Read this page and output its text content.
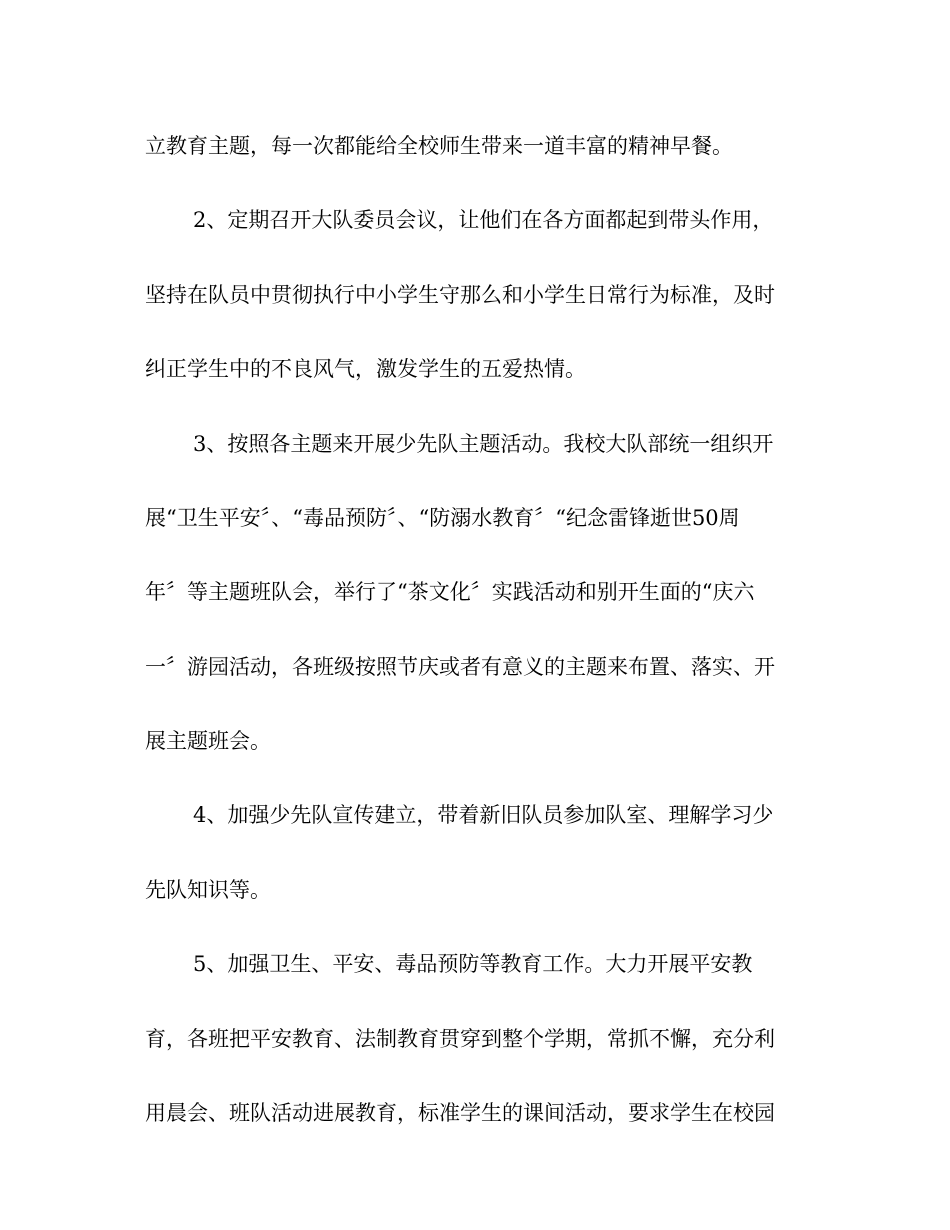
立教育主题，每一次都能给全校师生带来一道丰富的精神早餐。
2、定期召开大队委员会议，让他们在各方面都起到带头作用，
坚持在队员中贯彻执行中小学生守那么和小学生日常行为标准，及时
纠正学生中的不良风气，激发学生的五爱热情。
3、按照各主题来开展少先队主题活动。我校大队部统一组织开
展“卫生平安〞、“毒品预防〞、“防溺水教育〞“纪念雷锋逝世50周
年〞等主题班队会，举行了“茶文化〞实践活动和别开生面的“庆六
一〞游园活动，各班级按照节庆或者有意义的主题来布置、落实、开
展主题班会。
4、加强少先队宣传建立，带着新旧队员参加队室、理解学习少
先队知识等。
5、加强卫生、平安、毒品预防等教育工作。大力开展平安教
育，各班把平安教育、法制教育贯穿到整个学期，常抓不懈，充分利
用晨会、班队活动进展教育，标准学生的课间活动，要求学生在校园
